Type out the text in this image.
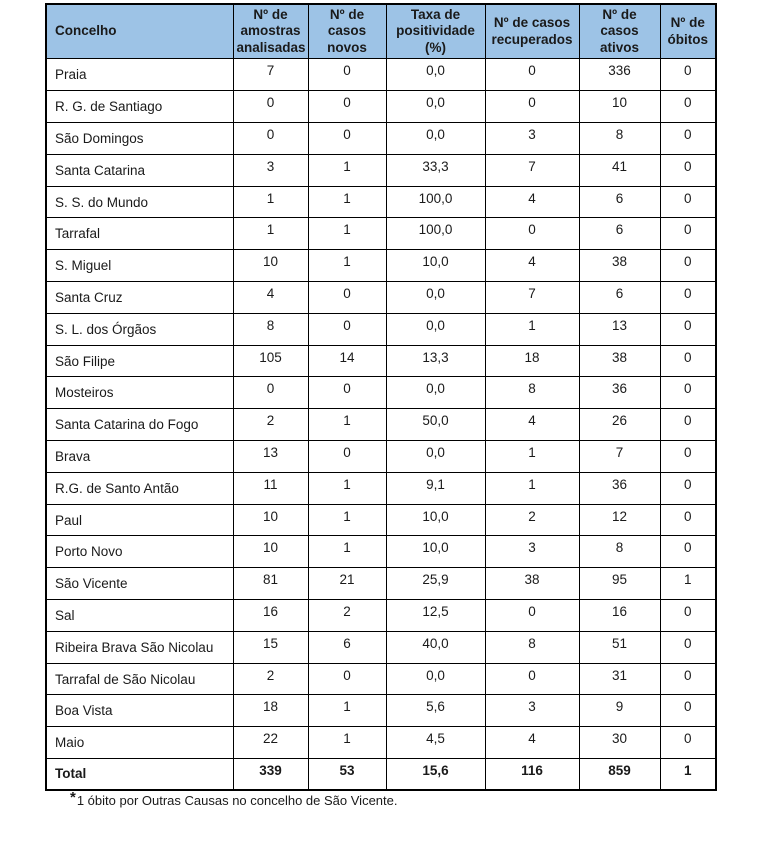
Concelho	Nº de amostras analisadas	Nº de casos novos	Taxa de positividade (%)	Nº de casos recuperados	Nº de casos ativos	Nº de óbitos
Praia	7	0	0,0	0	336	0
R. G. de Santiago	0	0	0,0	0	10	0
São Domingos	0	0	0,0	3	8	0
Santa Catarina	3	1	33,3	7	41	0
S. S. do Mundo	1	1	100,0	4	6	0
Tarrafal	1	1	100,0	0	6	0
S. Miguel	10	1	10,0	4	38	0
Santa Cruz	4	0	0,0	7	6	0
S. L. dos Órgãos	8	0	0,0	1	13	0
São Filipe	105	14	13,3	18	38	0
Mosteiros	0	0	0,0	8	36	0
Santa Catarina do Fogo	2	1	50,0	4	26	0
Brava	13	0	0,0	1	7	0
R.G. de Santo Antão	11	1	9,1	1	36	0
Paul	10	1	10,0	2	12	0
Porto Novo	10	1	10,0	3	8	0
São Vicente	81	21	25,9	38	95	1
Sal	16	2	12,5	0	16	0
Ribeira Brava São Nicolau	15	6	40,0	8	51	0
Tarrafal de São Nicolau	2	0	0,0	0	31	0
Boa Vista	18	1	5,6	3	9	0
Maio	22	1	4,5	4	30	0
Total	339	53	15,6	116	859	1
*1 óbito por Outras Causas no concelho de São Vicente.
